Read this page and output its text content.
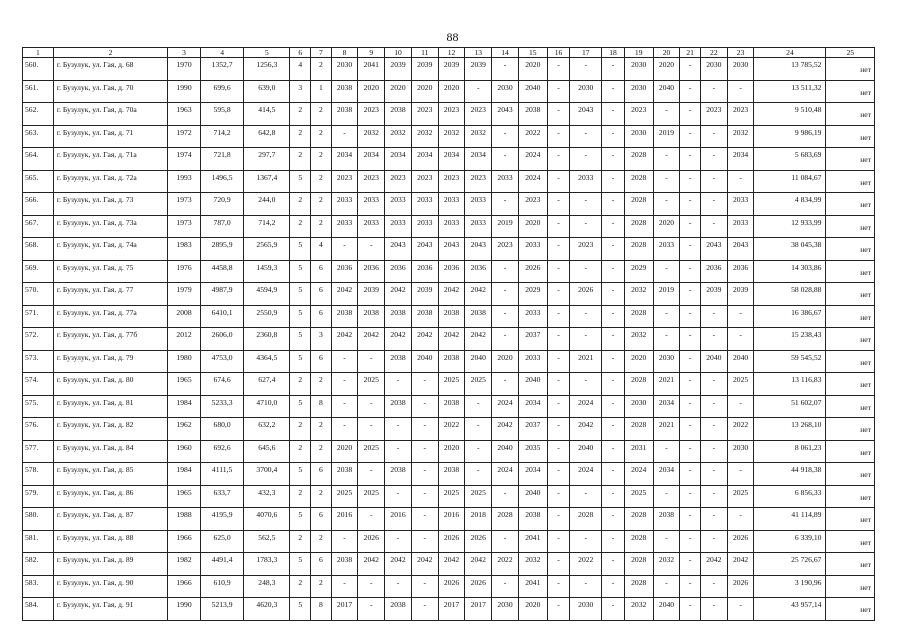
88
1	2	3	4	5	6	7	8	9	10	11	12	13	14	15	16	17	18	19	20	21	22	23	24	25
560.	г. Бузулук, ул. Гая, д. 68	1970	1352,7	1256,3	4	2	2030	2041	2039	2039	2039	2039	-	2020	-	-	-	2030	2020	-	2030	2030	13 785,52	нет
561.	г. Бузулук, ул. Гая, д. 70	1990	699,6	639,0	3	1	2038	2020	2020	2020	2020	-	2030	2040	-	2030	-	2030	2040	-	-	-	13 511,32	нет
562.	г. Бузулук, ул. Гая, д. 70а	1963	595,8	414,5	2	2	2038	2023	2038	2023	2023	2023	2043	2038	-	2043	-	2023	-	-	2023	2023	9 510,48	нет
563.	г. Бузулук, ул. Гая, д. 71	1972	714,2	642,8	2	2	-	2032	2032	2032	2032	2032	-	2022	-	-	-	2030	2019	-	-	2032	9 986,19	нет
564.	г. Бузулук, ул. Гая, д. 71а	1974	721,8	297,7	2	2	2034	2034	2034	2034	2034	2034	-	2024	-	-	-	2028	-	-	-	2034	5 683,69	нет
565.	г. Бузулук, ул. Гая, д. 72а	1993	1496,5	1367,4	5	2	2023	2023	2023	2023	2023	2023	2033	2024	-	2033	-	2028	-	-	-	-	11 084,67	нет
566.	г. Бузулук, ул. Гая, д. 73	1973	720,9	244,0	2	2	2033	2033	2033	2033	2033	2033	-	2023	-	-	-	2028	-	-	-	2033	4 834,99	нет
567.	г. Бузулук, ул. Гая, д. 73а	1973	787,0	714,2	2	2	2033	2033	2033	2033	2033	2033	2019	2020	-	-	-	2028	2020	-	-	2033	12 933,99	нет
568.	г. Бузулук, ул. Гая, д. 74а	1983	2895,9	2565,9	5	4	-	-	2043	2043	2043	2043	2023	2033	-	2023	-	2028	2033	-	2043	2043	38 045,38	нет
569.	г. Бузулук, ул. Гая, д. 75	1976	4458,8	1459,3	5	6	2036	2036	2036	2036	2036	2036	-	2026	-	-	-	2029	-	-	2036	2036	14 303,86	нет
570.	г. Бузулук, ул. Гая, д. 77	1979	4987,9	4594,9	5	6	2042	2039	2042	2039	2042	2042	-	2029	-	2026	-	2032	2019	-	2039	2039	58 028,88	нет
571.	г. Бузулук, ул. Гая, д. 77а	2008	6410,1	2550,9	5	6	2038	2038	2038	2038	2038	2038	-	2033	-	-	-	2028	-	-	-	-	16 386,67	нет
572.	г. Бузулук, ул. Гая, д. 77б	2012	2606,0	2360,8	5	3	2042	2042	2042	2042	2042	2042	-	2037	-	-	-	2032	-	-	-	-	15 238,43	нет
573.	г. Бузулук, ул. Гая, д. 79	1980	4753,0	4364,5	5	6	-	-	2038	2040	2038	2040	2020	2033	-	2021	-	2020	2030	-	2040	2040	59 545,52	нет
574.	г. Бузулук, ул. Гая, д. 80	1965	674,6	627,4	2	2	-	2025	-	-	2025	2025	-	2040	-	-	-	2028	2021	-	-	2025	13 116,83	нет
575.	г. Бузулук, ул. Гая, д. 81	1984	5233,3	4710,0	5	8	-	-	2038	-	2038	-	2024	2034	-	2024	-	2030	2034	-	-	-	51 602,07	нет
576.	г. Бузулук, ул. Гая, д. 82	1962	680,0	632,2	2	2	-	-	-	-	2022	-	2042	2037	-	2042	-	2028	2021	-	-	2022	13 268,10	нет
577.	г. Бузулук, ул. Гая, д. 84	1960	692,6	645,6	2	2	2020	2025	-	-	2020	-	2040	2035	-	2040	-	2031	-	-	-	2030	8 061,23	нет
578.	г. Бузулук, ул. Гая, д. 85	1984	4111,5	3700,4	5	6	2038	-	2038	-	2038	-	2024	2034	-	2024	-	2024	2034	-	-	-	44 918,38	нет
579.	г. Бузулук, ул. Гая, д. 86	1965	633,7	432,3	2	2	2025	2025	-	-	2025	2025	-	2040	-	-	-	2025	-	-	-	2025	6 856,33	нет
580.	г. Бузулук, ул. Гая, д. 87	1988	4195,9	4070,6	5	6	2016	-	2016	-	2016	2018	2028	2038	-	2028	-	2028	2038	-	-	-	41 114,89	нет
581.	г. Бузулук, ул. Гая, д. 88	1966	625,0	562,5	2	2	-	2026	-	-	2026	2026	-	2041	-	-	-	2028	-	-	-	2026	6 339,10	нет
582.	г. Бузулук, ул. Гая, д. 89	1982	4491,4	1783,3	5	6	2038	2042	2042	2042	2042	2042	2022	2032	-	2022	-	2028	2032	-	2042	2042	25 726,67	нет
583.	г. Бузулук, ул. Гая, д. 90	1966	610,9	248,3	2	2	-	-	-	-	2026	2026	-	2041	-	-	-	2028	-	-	-	2026	3 190,96	нет
584.	г. Бузулук, ул. Гая, д. 91	1990	5213,9	4620,3	5	8	2017	-	2038	-	2017	2017	2030	2020	-	2030	-	2032	2040	-	-	-	43 957,14	нет
